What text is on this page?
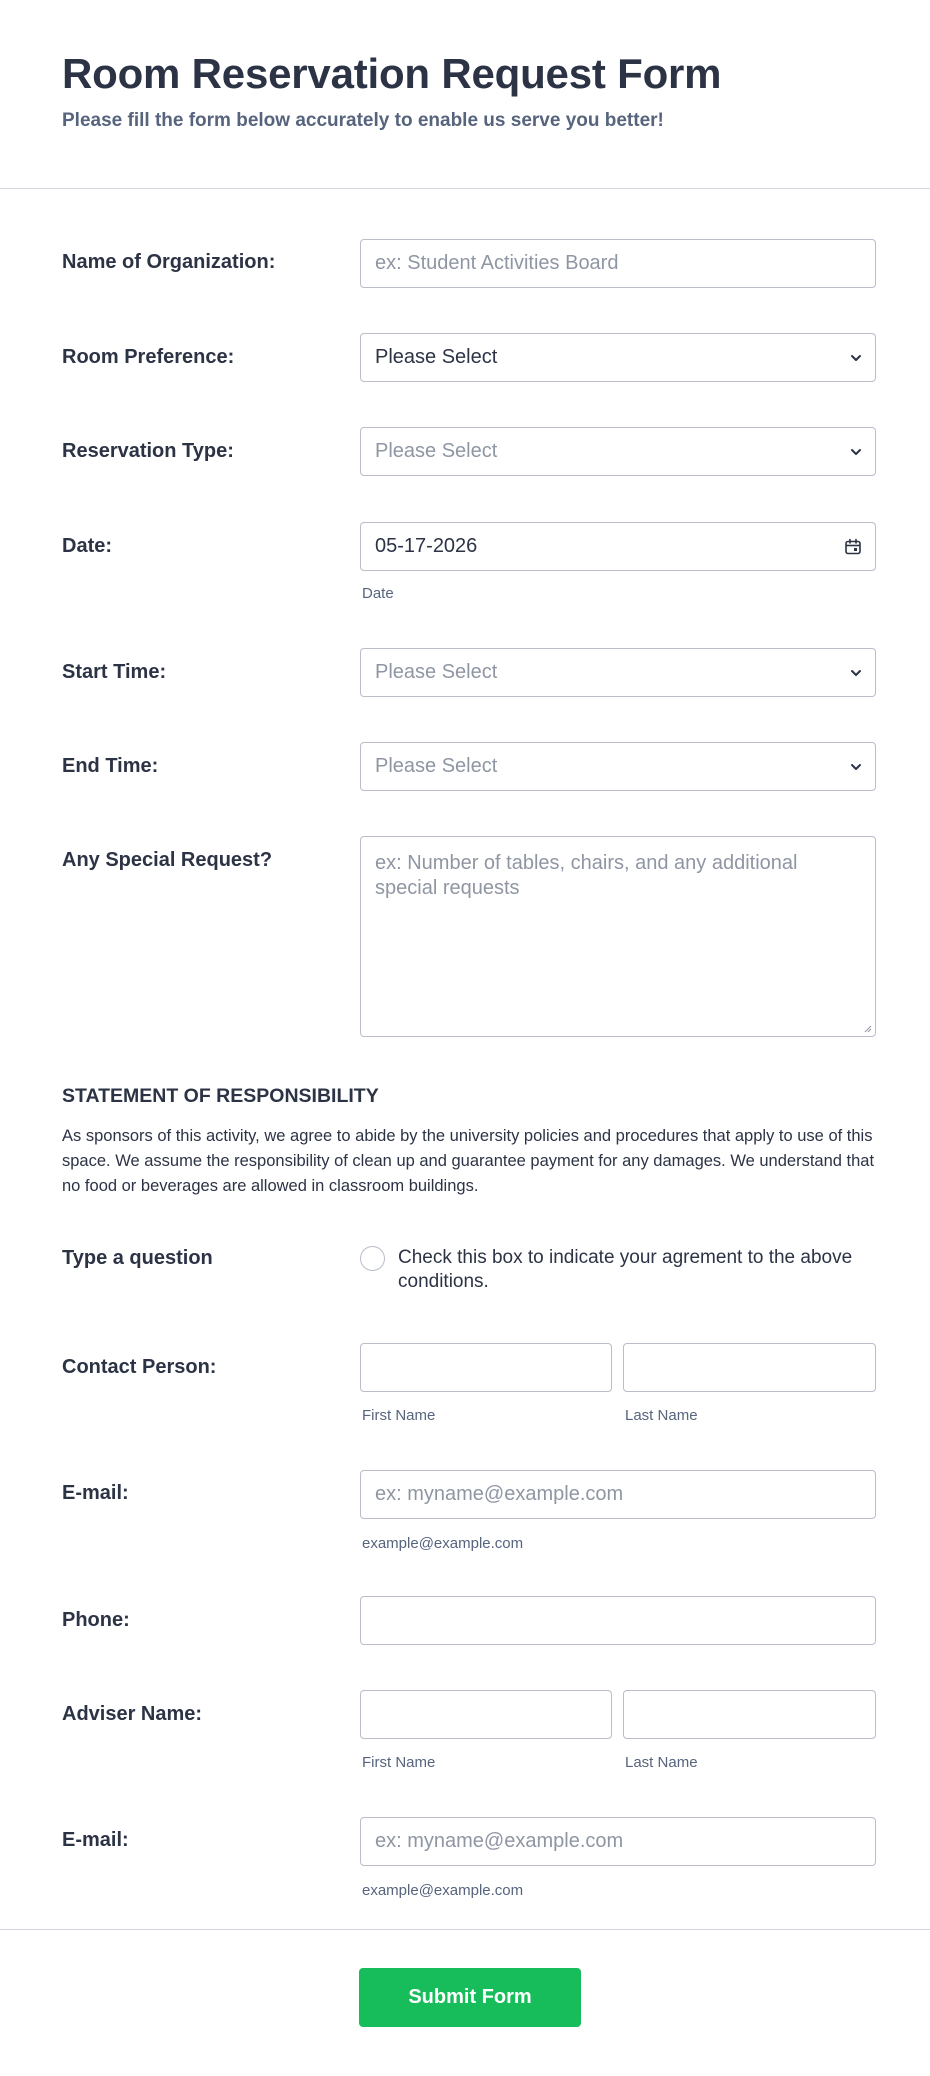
Room Reservation Request Form
Please fill the form below accurately to enable us serve you better!
Name of Organization:	ex: Student Activities Board
Room Preference:	Please Select
Reservation Type:	Please Select
Date:	05-17-2026
Date
Start Time:	Please Select
End Time:	Please Select
Any Special Request?	ex: Number of tables, chairs, and any additional special requests
STATEMENT OF RESPONSIBILITY
As sponsors of this activity, we agree to abide by the university policies and procedures that apply to use of this space. We assume the responsibility of clean up and guarantee payment for any damages. We understand that no food or beverages are allowed in classroom buildings.
Type a question	Check this box to indicate your agrement to the above conditions.
Contact Person:
First Name	Last Name
E-mail:	ex: myname@example.com
example@example.com
Phone:
Adviser Name:
First Name	Last Name
E-mail:	ex: myname@example.com
example@example.com
Submit Form
